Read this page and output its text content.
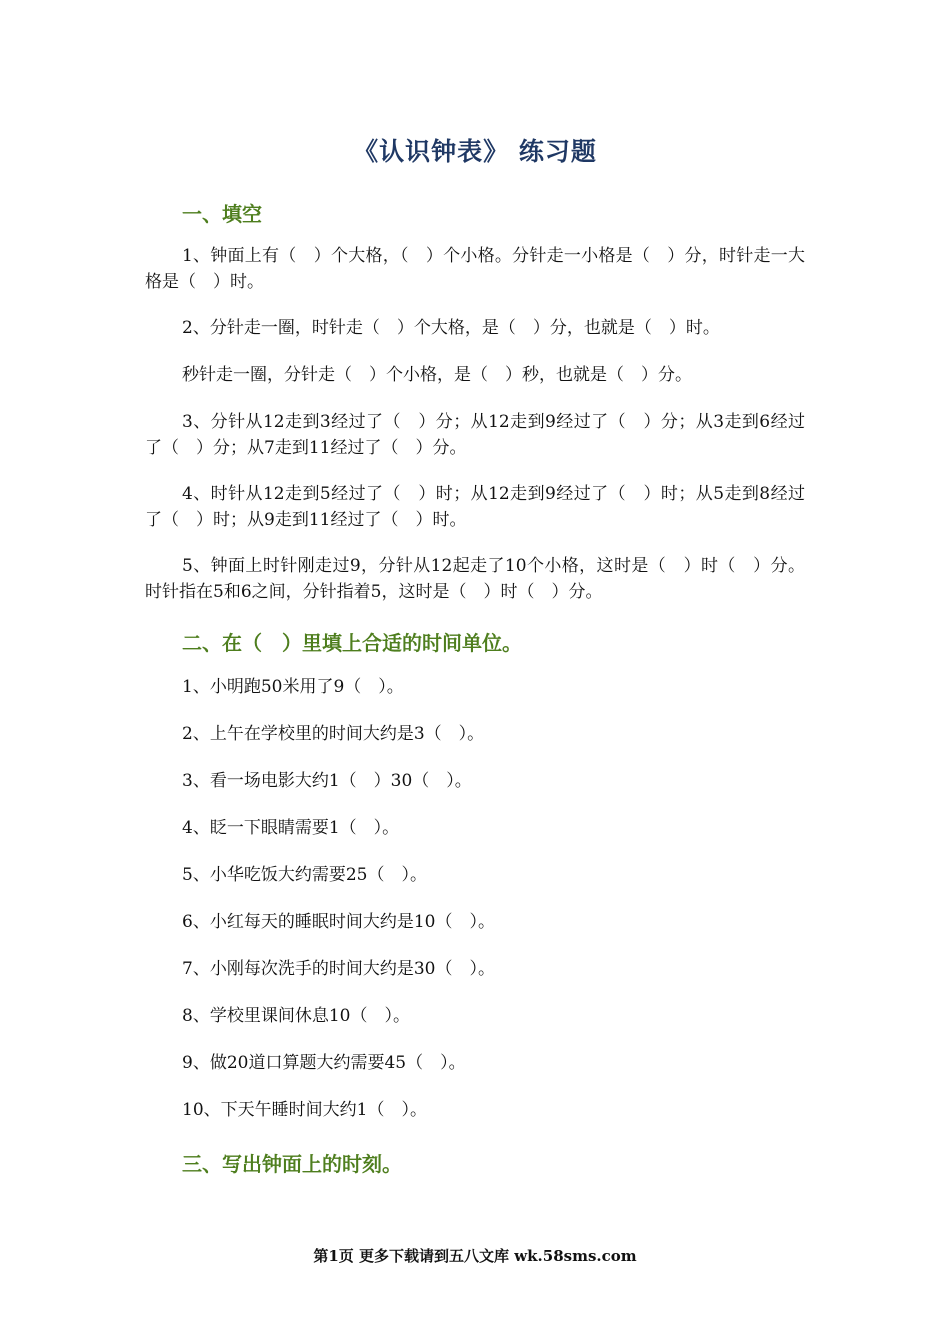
《认识钟表》 练习题
一、填空
1、钟面上有（　）个大格，（　）个小格。分针走一小格是（　）分，时针走一大格是（　）时。
2、分针走一圈，时针走（　）个大格，是（　）分，也就是（　）时。
秒针走一圈，分针走（　）个小格，是（　）秒，也就是（　）分。
3、分针从12走到3经过了（　）分；从12走到9经过了（　）分；从3走到6经过了（　）分；从7走到11经过了（　）分。
4、时针从12走到5经过了（　）时；从12走到9经过了（　）时；从5走到8经过了（　）时；从9走到11经过了（　）时。
5、钟面上时针刚走过9，分针从12起走了10个小格，这时是（　）时（　）分。时针指在5和6之间，分针指着5，这时是（　）时（　）分。
二、在（　）里填上合适的时间单位。
1、小明跑50米用了9（　）。
2、上午在学校里的时间大约是3（　）。
3、看一场电影大约1（　）30（　）。
4、眨一下眼睛需要1（　）。
5、小华吃饭大约需要25（　）。
6、小红每天的睡眠时间大约是10（　）。
7、小刚每次洗手的时间大约是30（　）。
8、学校里课间休息10（　）。
9、做20道口算题大约需要45（　）。
10、下天午睡时间大约1（　）。
三、写出钟面上的时刻。
第1页 更多下载请到五八文库 wk.58sms.com
